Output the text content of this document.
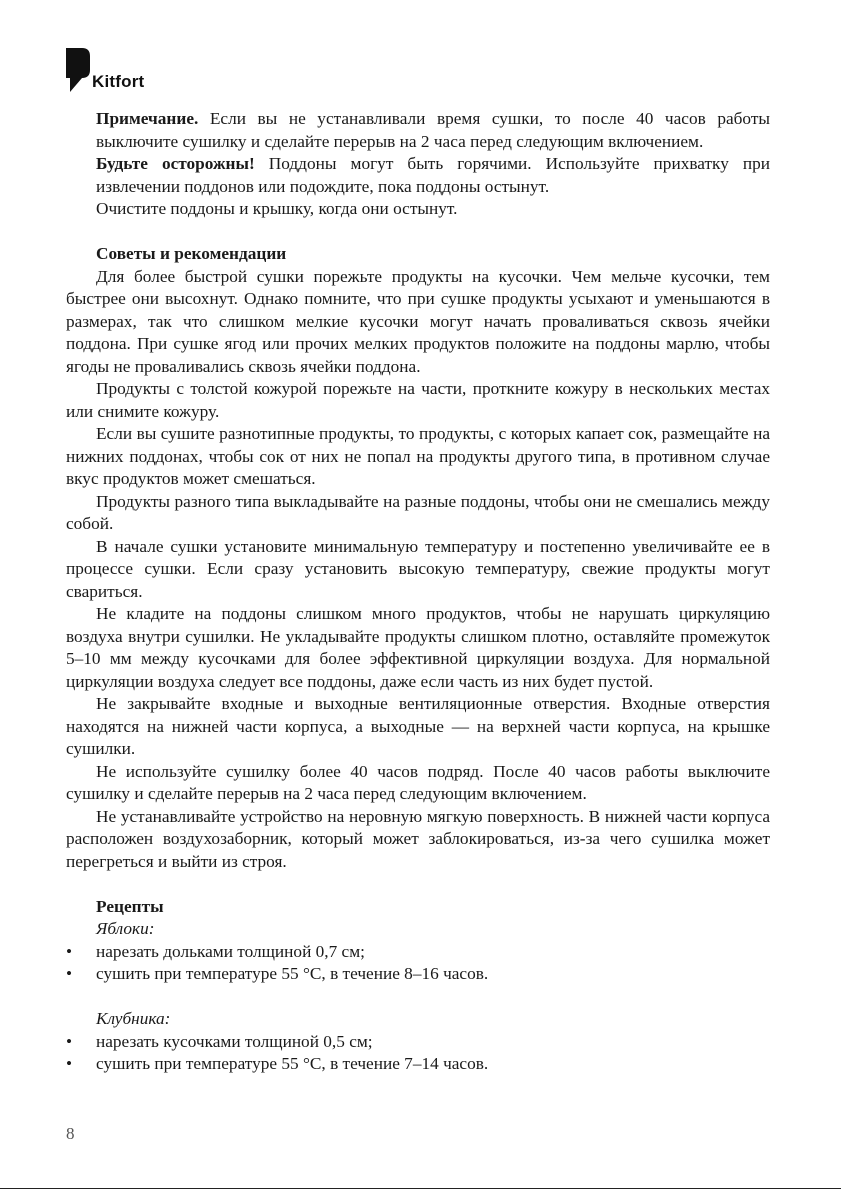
Kitfort

Примечание. Если вы не устанавливали время сушки, то после 40 часов работы выключите сушилку и сделайте перерыв на 2 часа перед следующим включением.

Будьте осторожны! Поддоны могут быть горячими. Используйте прихватку при извлечении поддонов или подождите, пока поддоны остынут.

Очистите поддоны и крышку, когда они остынут.

Советы и рекомендации

Для более быстрой сушки порежьте продукты на кусочки. Чем мельче кусочки, тем быстрее они высохнут. Однако помните, что при сушке продукты усыхают и уменьшаются в размерах, так что слишком мелкие кусочки могут начать проваливаться сквозь ячейки поддона. При сушке ягод или прочих мелких продуктов положите на поддоны марлю, чтобы ягоды не проваливались сквозь ячейки поддона.

Продукты с толстой кожурой порежьте на части, проткните кожуру в нескольких местах или снимите кожуру.

Если вы сушите разнотипные продукты, то продукты, с которых капает сок, размещайте на нижних поддонах, чтобы сок от них не попал на продукты другого типа, в противном случае вкус продуктов может смешаться.

Продукты разного типа выкладывайте на разные поддоны, чтобы они не смешались между собой.

В начале сушки установите минимальную температуру и постепенно увеличивайте ее в процессе сушки. Если сразу установить высокую температуру, свежие продукты могут свариться.

Не кладите на поддоны слишком много продуктов, чтобы не нарушать циркуляцию воздуха внутри сушилки. Не укладывайте продукты слишком плотно, оставляйте промежуток 5–10 мм между кусочками для более эффективной циркуляции воздуха. Для нормальной циркуляции воздуха следует все поддоны, даже если часть из них будет пустой.

Не закрывайте входные и выходные вентиляционные отверстия. Входные отверстия находятся на нижней части корпуса, а выходные — на верхней части корпуса, на крышке сушилки.

Не используйте сушилку более 40 часов подряд. После 40 часов работы выключите сушилку и сделайте перерыв на 2 часа перед следующим включением.

Не устанавливайте устройство на неровную мягкую поверхность. В нижней части корпуса расположен воздухозаборник, который может заблокироваться, из-за чего сушилка может перегреться и выйти из строя.

Рецепты

Яблоки:

• нарезать дольками толщиной 0,7 см;
• сушить при температуре 55 °C, в течение 8–16 часов.

Клубника:

• нарезать кусочками толщиной 0,5 см;
• сушить при температуре 55 °C, в течение 7–14 часов.
8
